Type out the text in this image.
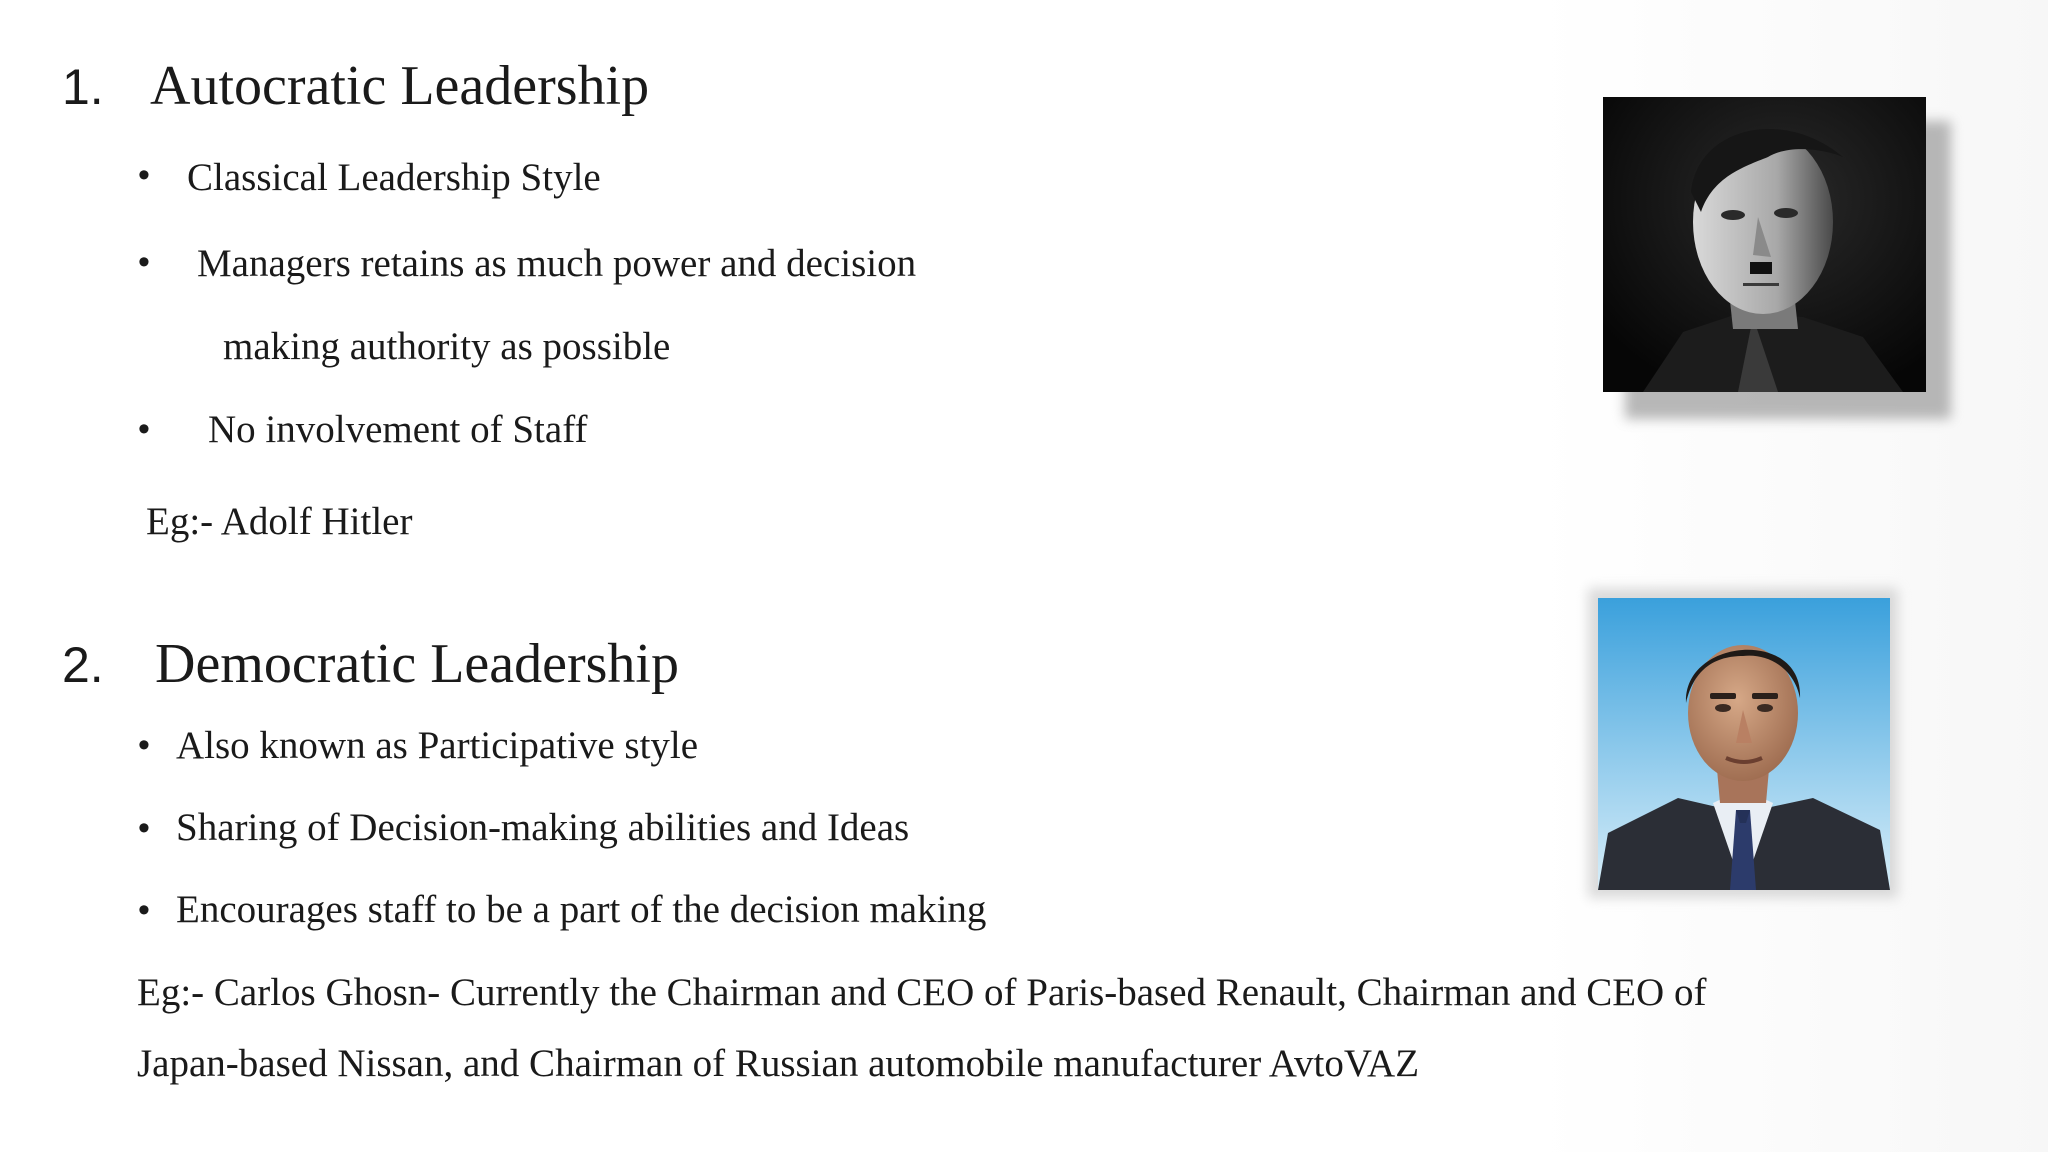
1. Autocratic Leadership
• Classical Leadership Style
• Managers retains as much power and decision
making authority as possible
• No involvement of Staff
Eg:- Adolf Hitler
2. Democratic Leadership
• Also known as Participative style
• Sharing of Decision-making abilities and Ideas
• Encourages staff to be a part of the decision making
Eg:- Carlos Ghosn- Currently the Chairman and CEO of Paris-based Renault, Chairman and CEO of
Japan-based Nissan, and Chairman of Russian automobile manufacturer AvtoVAZ
